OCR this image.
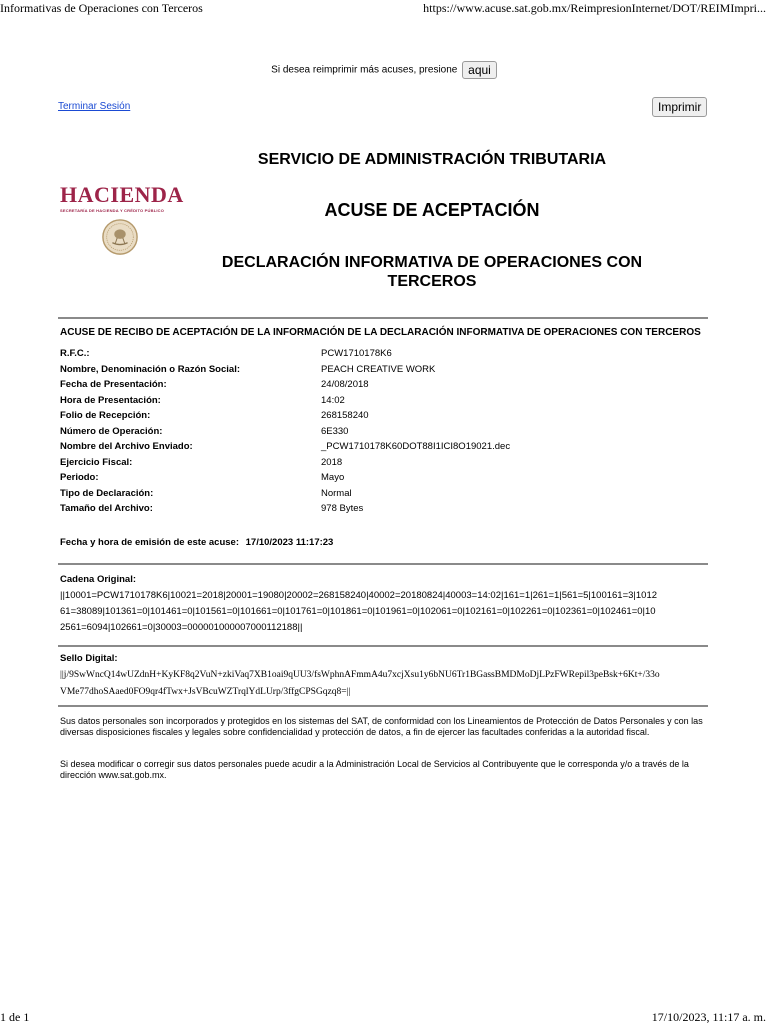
Informativas de Operaciones con Terceros	https://www.acuse.sat.gob.mx/ReimpresionInternet/DOT/REIMImpri...
Si desea reimprimir más acuses, presione aqui
Terminar Sesión	Imprimir
HACIENDA
SECRETARÍA DE HACIENDA Y CRÉDITO PÚBLICO
SERVICIO DE ADMINISTRACIÓN TRIBUTARIA
ACUSE DE ACEPTACIÓN
DECLARACIÓN INFORMATIVA DE OPERACIONES CON TERCEROS
ACUSE DE RECIBO DE ACEPTACIÓN DE LA INFORMACIÓN DE LA DECLARACIÓN INFORMATIVA DE OPERACIONES CON TERCEROS
R.F.C.:	PCW1710178K6
Nombre, Denominación o Razón Social:	PEACH CREATIVE WORK
Fecha de Presentación:	24/08/2018
Hora de Presentación:	14:02
Folio de Recepción:	268158240
Número de Operación:	6E330
Nombre del Archivo Enviado:	_PCW1710178K60DOT88I1ICI8O19021.dec
Ejercicio Fiscal:	2018
Periodo:	Mayo
Tipo de Declaración:	Normal
Tamaño del Archivo:	978 Bytes
Fecha y hora de emisión de este acuse: 17/10/2023 11:17:23
Cadena Original:
||10001=PCW1710178K6|10021=2018|20001=19080|20002=268158240|40002=20180824|40003=14:02|161=1|261=1|561=5|100161=3|101261=38089|101361=0|101461=0|101561=0|101661=0|101761=0|101861=0|101961=0|102061=0|102161=0|102261=0|102361=0|102461=0|102561=6094|102661=0|30003=000001000007000112188||
Sello Digital:
||j/9SwWncQ14wUZdnH+KyKF8q2VuN+zkiVaq7XB1oai9qUU3/fsWphnAFmmA4u7xcjXsu1y6bNU6Tr1BGassBMDMoDjLPzFWRepil3peBsk+6Kt+/33oVMe77dhoSAaed0FO9qr4fTwx+JsVBcuWZTrqlYdLUrp/3ffgCPSGqzq8=||
Sus datos personales son incorporados y protegidos en los sistemas del SAT, de conformidad con los Lineamientos de Protección de Datos Personales y con las diversas disposiciones fiscales y legales sobre confidencialidad y protección de datos, a fin de ejercer las facultades conferidas a la autoridad fiscal.
Si desea modificar o corregir sus datos personales puede acudir a la Administración Local de Servicios al Contribuyente que le corresponda y/o a través de la dirección www.sat.gob.mx.
1 de 1	17/10/2023, 11:17 a. m.
